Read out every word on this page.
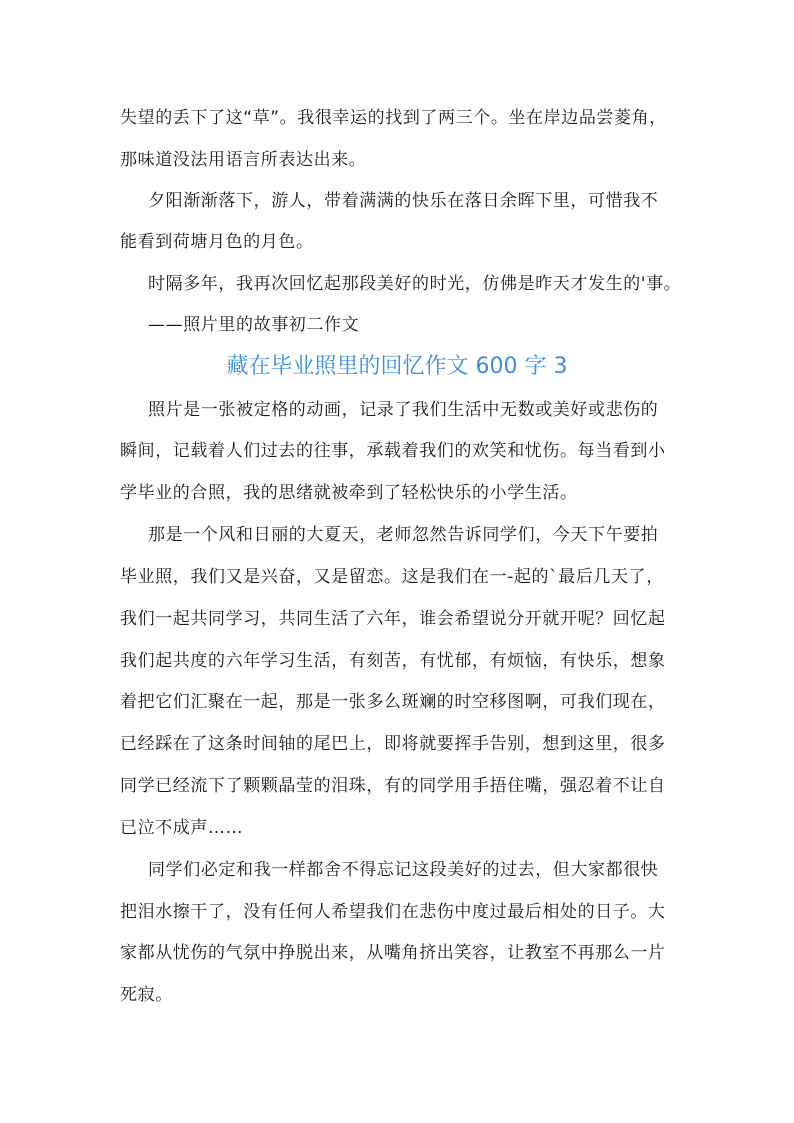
失望的丢下了这“草”。我很幸运的找到了两三个。坐在岸边品尝菱角，
那味道没法用语言所表达出来。
夕阳渐渐落下，游人，带着满满的快乐在落日余晖下里，可惜我不
能看到荷塘月色的月色。
时隔多年，我再次回忆起那段美好的时光，仿佛是昨天才发生的'事。
——照片里的故事初二作文
藏在毕业照里的回忆作文 600 字 3
照片是一张被定格的动画，记录了我们生活中无数或美好或悲伤的
瞬间，记载着人们过去的往事，承载着我们的欢笑和忧伤。每当看到小
学毕业的合照，我的思绪就被牵到了轻松快乐的小学生活。
那是一个风和日丽的大夏天，老师忽然告诉同学们，今天下午要拍
毕业照，我们又是兴奋，又是留恋。这是我们在一-起的`最后几天了，
我们一起共同学习，共同生活了六年，谁会希望说分开就开呢？回忆起
我们起共度的六年学习生活，有刻苦，有忧郁，有烦恼，有快乐，想象
着把它们汇聚在一起，那是一张多么斑斓的时空移图啊，可我们现在，
已经踩在了这条时间轴的尾巴上，即将就要挥手告别，想到这里，很多
同学已经流下了颗颗晶莹的泪珠，有的同学用手捂住嘴，强忍着不让自
已泣不成声……
同学们必定和我一样都舍不得忘记这段美好的过去，但大家都很快
把泪水擦干了，没有任何人希望我们在悲伤中度过最后相处的日子。大
家都从忧伤的气氛中挣脱出来，从嘴角挤出笑容，让教室不再那么一片
死寂。
